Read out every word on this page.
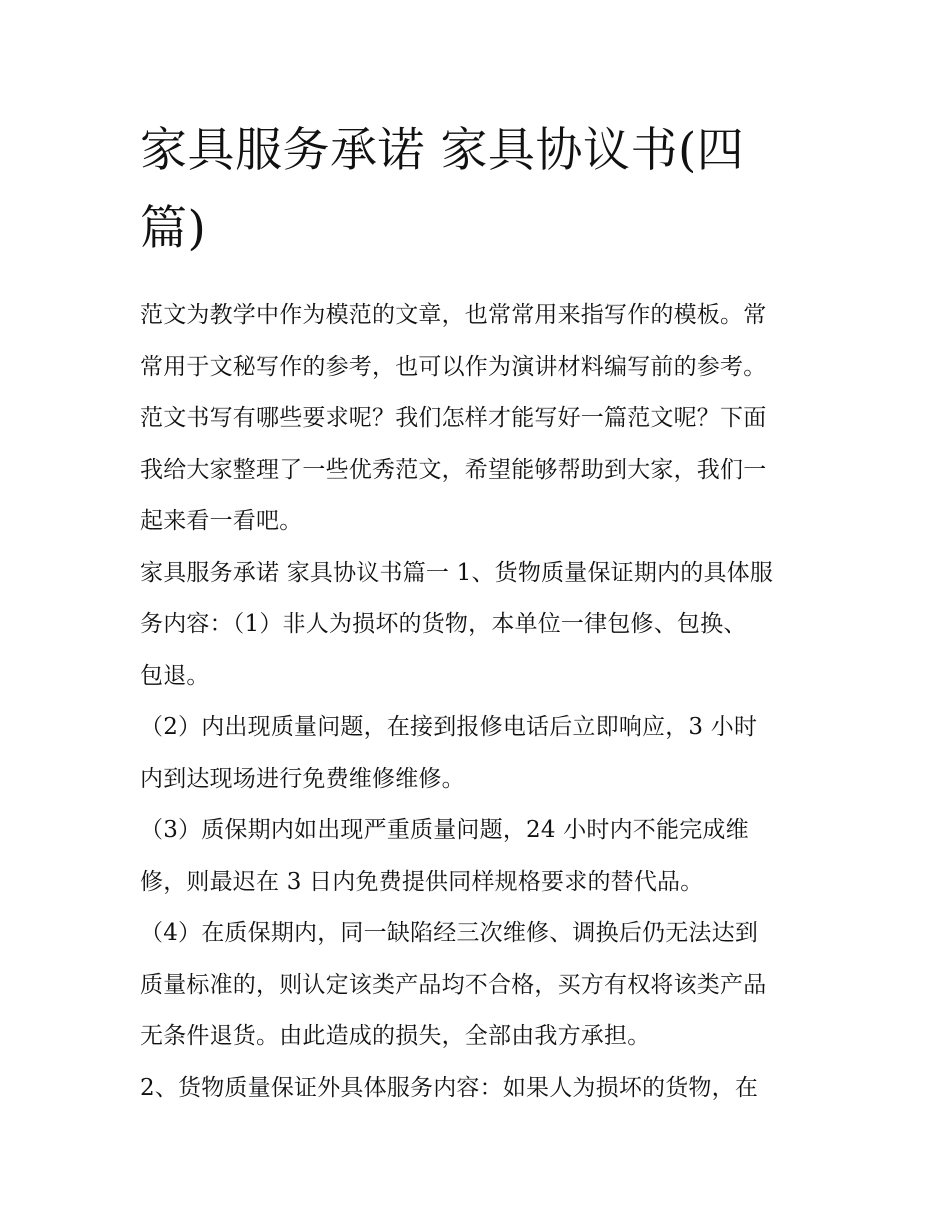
家具服务承诺 家具协议书(四
篇)

范文为教学中作为模范的文章，也常常用来指写作的模板。常
常用于文秘写作的参考，也可以作为演讲材料编写前的参考。
范文书写有哪些要求呢？我们怎样才能写好一篇范文呢？下面
我给大家整理了一些优秀范文，希望能够帮助到大家，我们一
起来看一看吧。

家具服务承诺 家具协议书篇一 1、货物质量保证期内的具体服
务内容：（1）非人为损坏的货物，本单位一律包修、包换、
包退。

（2）内出现质量问题，在接到报修电话后立即响应，3 小时
内到达现场进行免费维修维修。

（3）质保期内如出现严重质量问题，24 小时内不能完成维
修，则最迟在 3 日内免费提供同样规格要求的替代品。

（4）在质保期内，同一缺陷经三次维修、调换后仍无法达到
质量标准的，则认定该类产品均不合格，买方有权将该类产品
无条件退货。由此造成的损失，全部由我方承担。

2、货物质量保证外具体服务内容：如果人为损坏的货物，在
